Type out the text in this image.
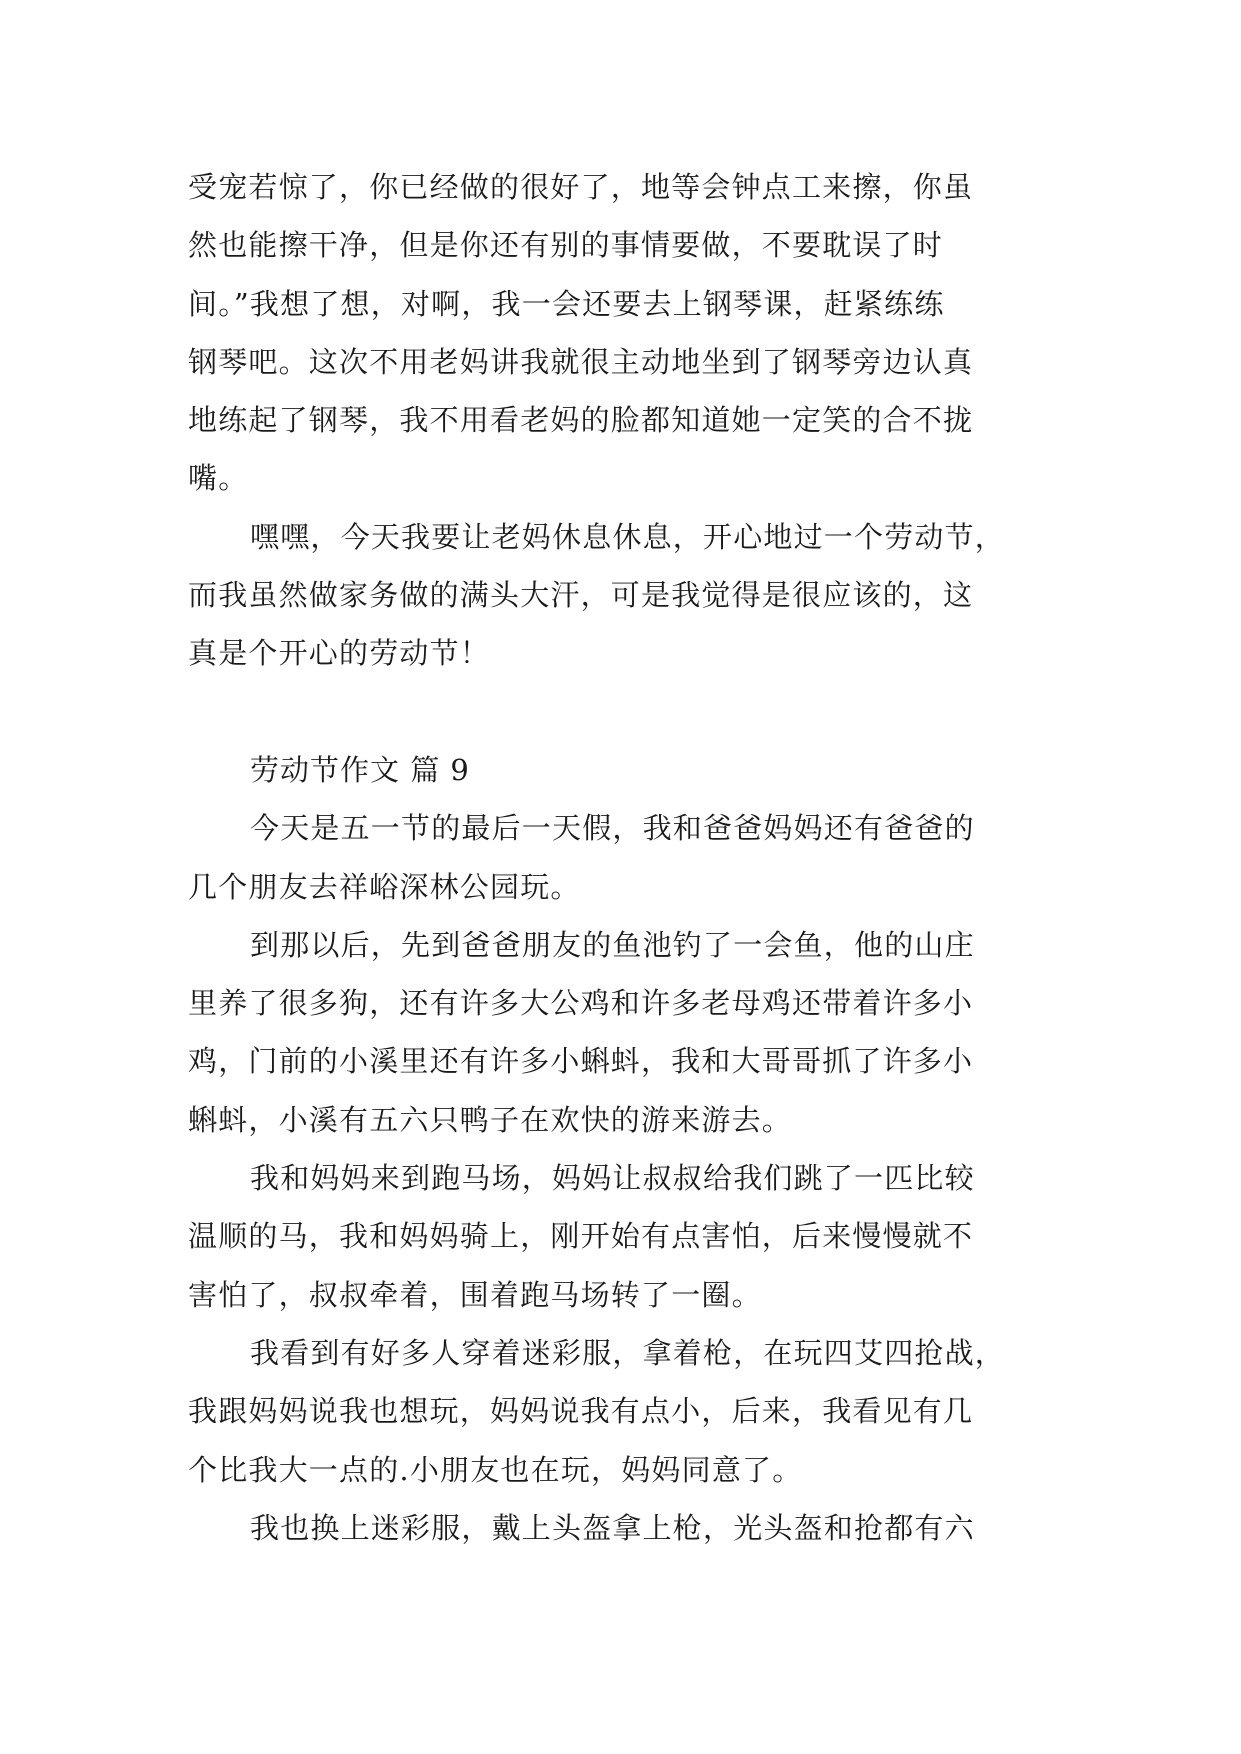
受宠若惊了，你已经做的很好了，地等会钟点工来擦，你虽
然也能擦干净，但是你还有别的事情要做，不要耽误了时
间。”我想了想，对啊，我一会还要去上钢琴课，赶紧练练
钢琴吧。这次不用老妈讲我就很主动地坐到了钢琴旁边认真
地练起了钢琴，我不用看老妈的脸都知道她一定笑的合不拢
嘴。
嘿嘿，今天我要让老妈休息休息，开心地过一个劳动节，
而我虽然做家务做的满头大汗，可是我觉得是很应该的，这
真是个开心的劳动节！
劳动节作文 篇 9
今天是五一节的最后一天假，我和爸爸妈妈还有爸爸的
几个朋友去祥峪深林公园玩。
到那以后，先到爸爸朋友的鱼池钓了一会鱼，他的山庄
里养了很多狗，还有许多大公鸡和许多老母鸡还带着许多小
鸡，门前的小溪里还有许多小蝌蚪，我和大哥哥抓了许多小
蝌蚪，小溪有五六只鸭子在欢快的游来游去。
我和妈妈来到跑马场，妈妈让叔叔给我们跳了一匹比较
温顺的马，我和妈妈骑上，刚开始有点害怕，后来慢慢就不
害怕了，叔叔牵着，围着跑马场转了一圈。
我看到有好多人穿着迷彩服，拿着枪，在玩四艾四抢战，
我跟妈妈说我也想玩，妈妈说我有点小，后来，我看见有几
个比我大一点的.小朋友也在玩，妈妈同意了。
我也换上迷彩服，戴上头盔拿上枪，光头盔和抢都有六
